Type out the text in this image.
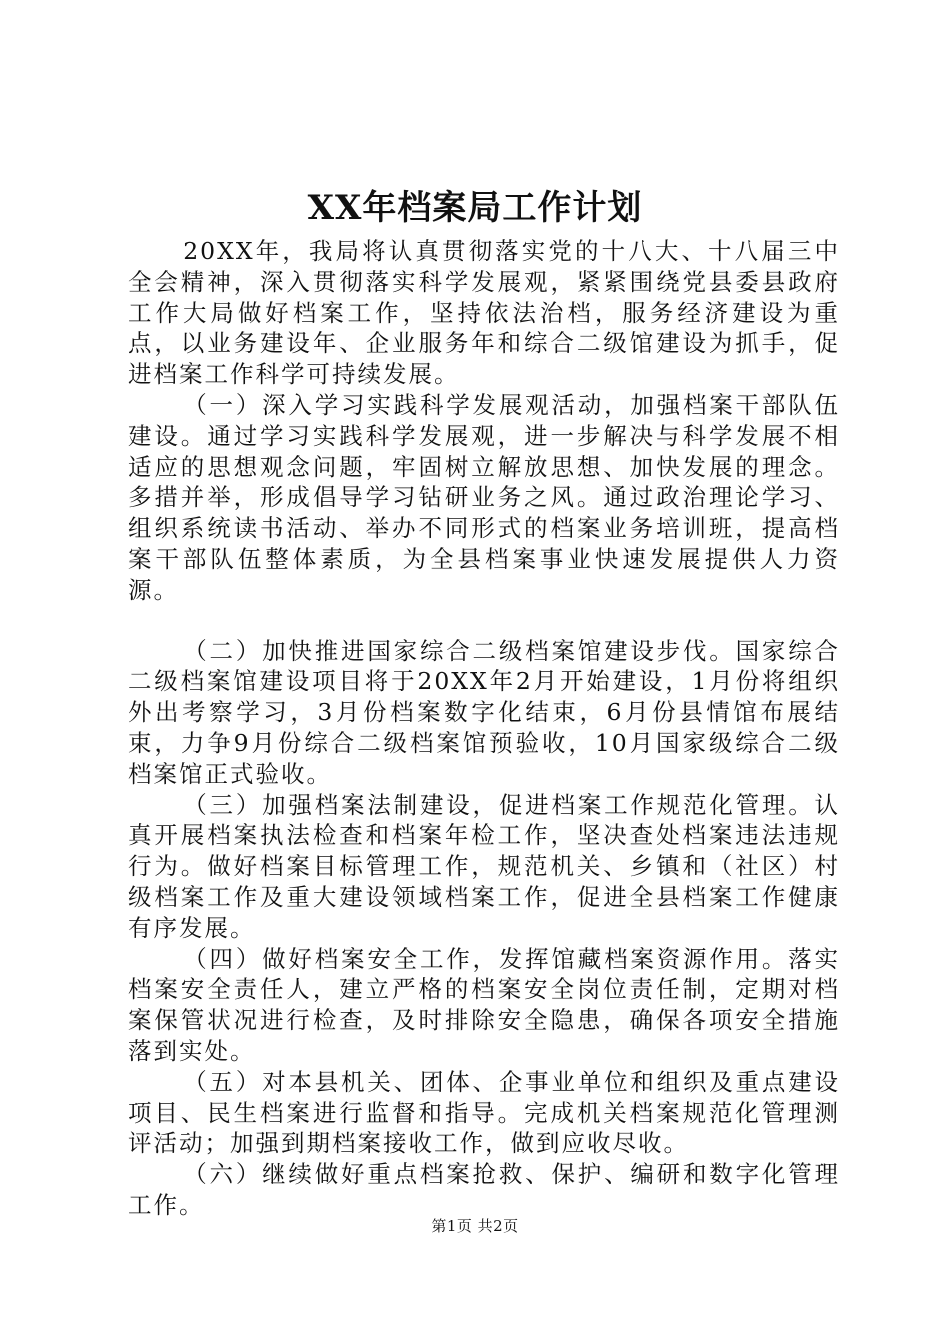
XX年档案局工作计划

20XX年，我局将认真贯彻落实党的十八大、十八届三中全会精神，深入贯彻落实科学发展观，紧紧围绕党县委县政府工作大局做好档案工作，坚持依法治档，服务经济建设为重点，以业务建设年、企业服务年和综合二级馆建设为抓手，促进档案工作科学可持续发展。

（一）深入学习实践科学发展观活动，加强档案干部队伍建设。通过学习实践科学发展观，进一步解决与科学发展不相适应的思想观念问题，牢固树立解放思想、加快发展的理念。多措并举，形成倡导学习钻研业务之风。通过政治理论学习、组织系统读书活动、举办不同形式的档案业务培训班，提高档案干部队伍整体素质，为全县档案事业快速发展提供人力资源。

（二）加快推进国家综合二级档案馆建设步伐。国家综合二级档案馆建设项目将于20XX年2月开始建设，1月份将组织外出考察学习，3月份档案数字化结束，6月份县情馆布展结束，力争9月份综合二级档案馆预验收，10月国家级综合二级档案馆正式验收。

（三）加强档案法制建设，促进档案工作规范化管理。认真开展档案执法检查和档案年检工作，坚决查处档案违法违规行为。做好档案目标管理工作，规范机关、乡镇和（社区）村级档案工作及重大建设领域档案工作，促进全县档案工作健康有序发展。

（四）做好档案安全工作，发挥馆藏档案资源作用。落实档案安全责任人，建立严格的档案安全岗位责任制，定期对档案保管状况进行检查，及时排除安全隐患，确保各项安全措施落到实处。

（五）对本县机关、团体、企事业单位和组织及重点建设项目、民生档案进行监督和指导。完成机关档案规范化管理测评活动；加强到期档案接收工作，做到应收尽收。

（六）继续做好重点档案抢救、保护、编研和数字化管理工作。

第1页 共2页
